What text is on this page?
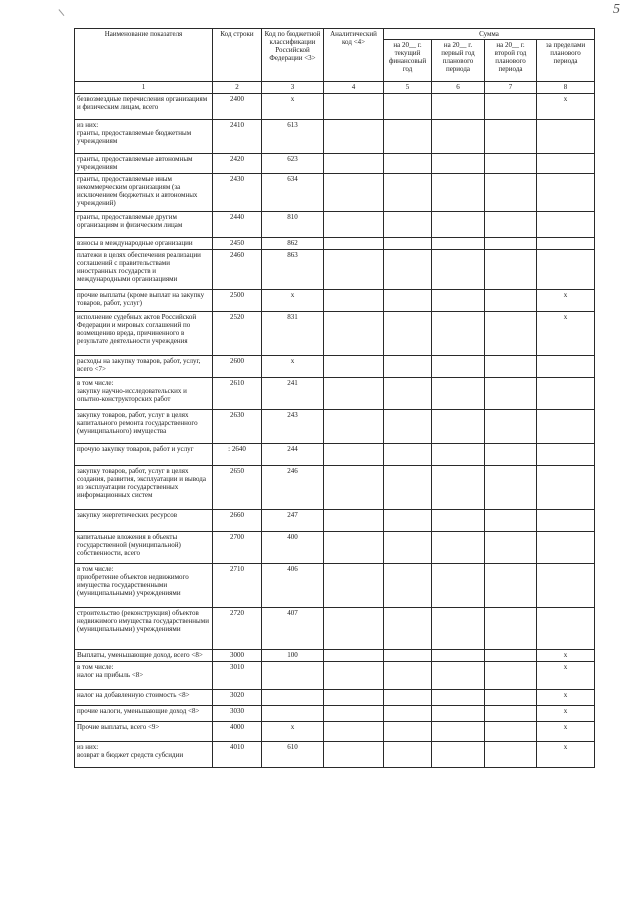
5
Наименование показателя	Код строки	Код по бюджетной классификации Российской Федерации <3>	Аналитический код <4>	Сумма			
				на 20__ г. текущий финансовый год	на 20__ г. первый год планового периода	на 20__ г. второй год планового периода	за пределами планового периода
1	2	3	4	5	6	7	8
безвозмездные перечисления организациям и физическим лицам, всего	2400	x					x
из них:
гранты, предоставляемые бюджетным учреждениям	2410	613					
гранты, предоставляемые автономным учреждениям	2420	623					
гранты, предоставляемые иным некоммерческим организациям (за исключением бюджетных и автономных учреждений)	2430	634					
гранты, предоставляемые другим организациям и физическим лицам	2440	810					
взносы в международные организации	2450	862					
платежи в целях обеспечения реализации соглашений с правительствами иностранных государств и международными организациями	2460	863					
прочие выплаты (кроме выплат на закупку товаров, работ, услуг)	2500	x					x
исполнение судебных актов Российской Федерации и мировых соглашений по возмещению вреда, причиненного в результате деятельности учреждения	2520	831					x
расходы на закупку товаров, работ, услуг, всего <7>	2600	x					
в том числе:
закупку научно-исследовательских и опытно-конструкторских работ	2610	241					
закупку товаров, работ, услуг в целях капитального ремонта государственного (муниципального) имущества	2630	243					
прочую закупку товаров, работ и услуг	: 2640	244					
закупку товаров, работ, услуг в целях создания, развития, эксплуатации и вывода из эксплуатации государственных информационных систем	2650	246					
закупку энергетических ресурсов	2660	247					
капитальные вложения в объекты государственной (муниципальной) собственности, всего	2700	400					
в том числе:
приобретение объектов недвижимого имущества государственными (муниципальными) учреждениями	2710	406					
строительство (реконструкция) объектов недвижимого имущества государственными (муниципальными) учреждениями	2720	407					
Выплаты, уменьшающие доход, всего <8>	3000	100					x
в том числе:
налог на прибыль <8>	3010						x
налог на добавленную стоимость <8>	3020						x
прочие налоги, уменьшающие доход <8>	3030						x
Прочие выплаты, всего <9>	4000	x					x
из них:
возврат в бюджет средств субсидии	4010	610					x
